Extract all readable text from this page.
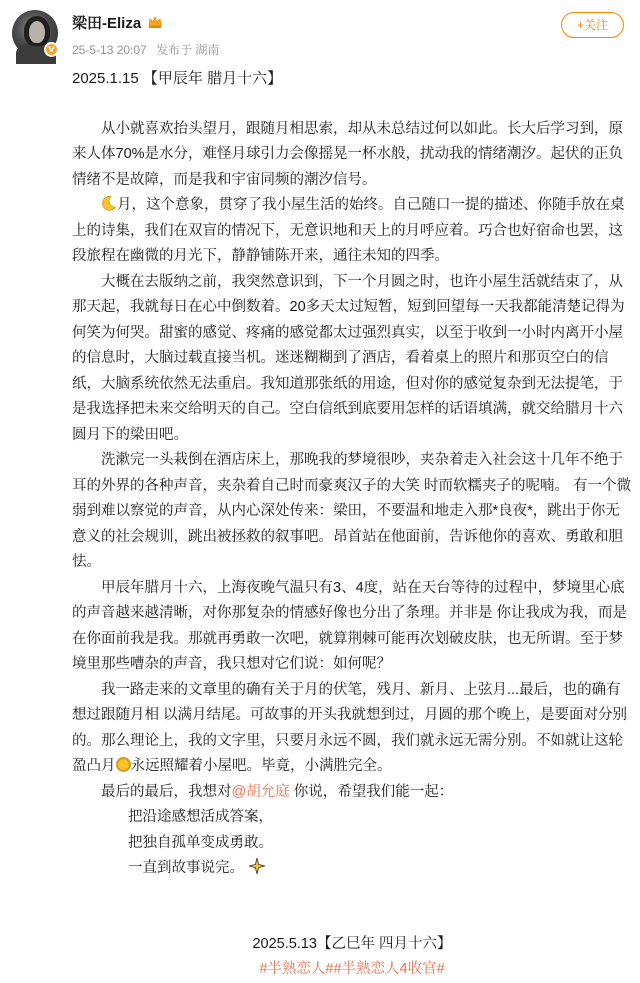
V
梁田-Eliza
25-5-13 20:07 发布于 湖南
+关注

2025.1.15 【甲辰年 腊月十六】

从小就喜欢抬头望月，跟随月相思索，却从未总结过何以如此。长大后学习到，原来人体70%是水分，难怪月球引力会像摇晃一杯水般，扰动我的情绪潮汐。起伏的正负情绪不是故障，而是我和宇宙同频的潮汐信号。

月，这个意象，贯穿了我小屋生活的始终。自己随口一提的描述、你随手放在桌上的诗集，我们在双盲的情况下，无意识地和天上的月呼应着。巧合也好宿命也罢，这段旅程在幽微的月光下，静静铺陈开来，通往未知的四季。

大概在去版纳之前，我突然意识到，下一个月圆之时，也许小屋生活就结束了，从那天起，我就每日在心中倒数着。20多天太过短暂，短到回望每一天我都能清楚记得为何笑为何哭。甜蜜的感觉、疼痛的感觉都太过强烈真实，以至于收到一小时内离开小屋的信息时，大脑过载直接当机。迷迷糊糊到了酒店，看着桌上的照片和那页空白的信纸，大脑系统依然无法重启。我知道那张纸的用途，但对你的感觉复杂到无法提笔，于是我选择把未来交给明天的自己。空白信纸到底要用怎样的话语填满，就交给腊月十六圆月下的梁田吧。

洗漱完一头栽倒在酒店床上，那晚我的梦境很吵，夹杂着走入社会这十几年不绝于耳的外界的各种声音，夹杂着自己时而豪爽汉子的大笑 时而软糯夹子的呢喃。 有一个微弱到难以察觉的声音，从内心深处传来：梁田，不要温和地走入那*良夜*，跳出于你无意义的社会规训，跳出被拯救的叙事吧。昂首站在他面前，告诉他你的喜欢、勇敢和胆怯。

甲辰年腊月十六，上海夜晚气温只有3、4度，站在天台等待的过程中，梦境里心底的声音越来越清晰，对你那复杂的情感好像也分出了条理。并非是 你让我成为我，而是 在你面前我是我。那就再勇敢一次吧，就算荆棘可能再次划破皮肤，也无所谓。至于梦境里那些嘈杂的声音，我只想对它们说：如何呢？

我一路走来的文章里的确有关于月的伏笔，残月、新月、上弦月...最后，也的确有想过跟随月相 以满月结尾。可故事的开头我就想到过，月圆的那个晚上，是要面对分别的。那么理论上，我的文字里，只要月永远不圆，我们就永远无需分别。不如就让这轮盈凸月 永远照耀着小屋吧。毕竟，小满胜完全。

最后的最后，我想对@胡允庭 你说，希望我们能一起：

把沿途感想活成答案，

把独自孤单变成勇敢。

一直到故事说完。

2025.5.13【乙巳年 四月十六】

#半熟恋人##半熟恋人4收官#
